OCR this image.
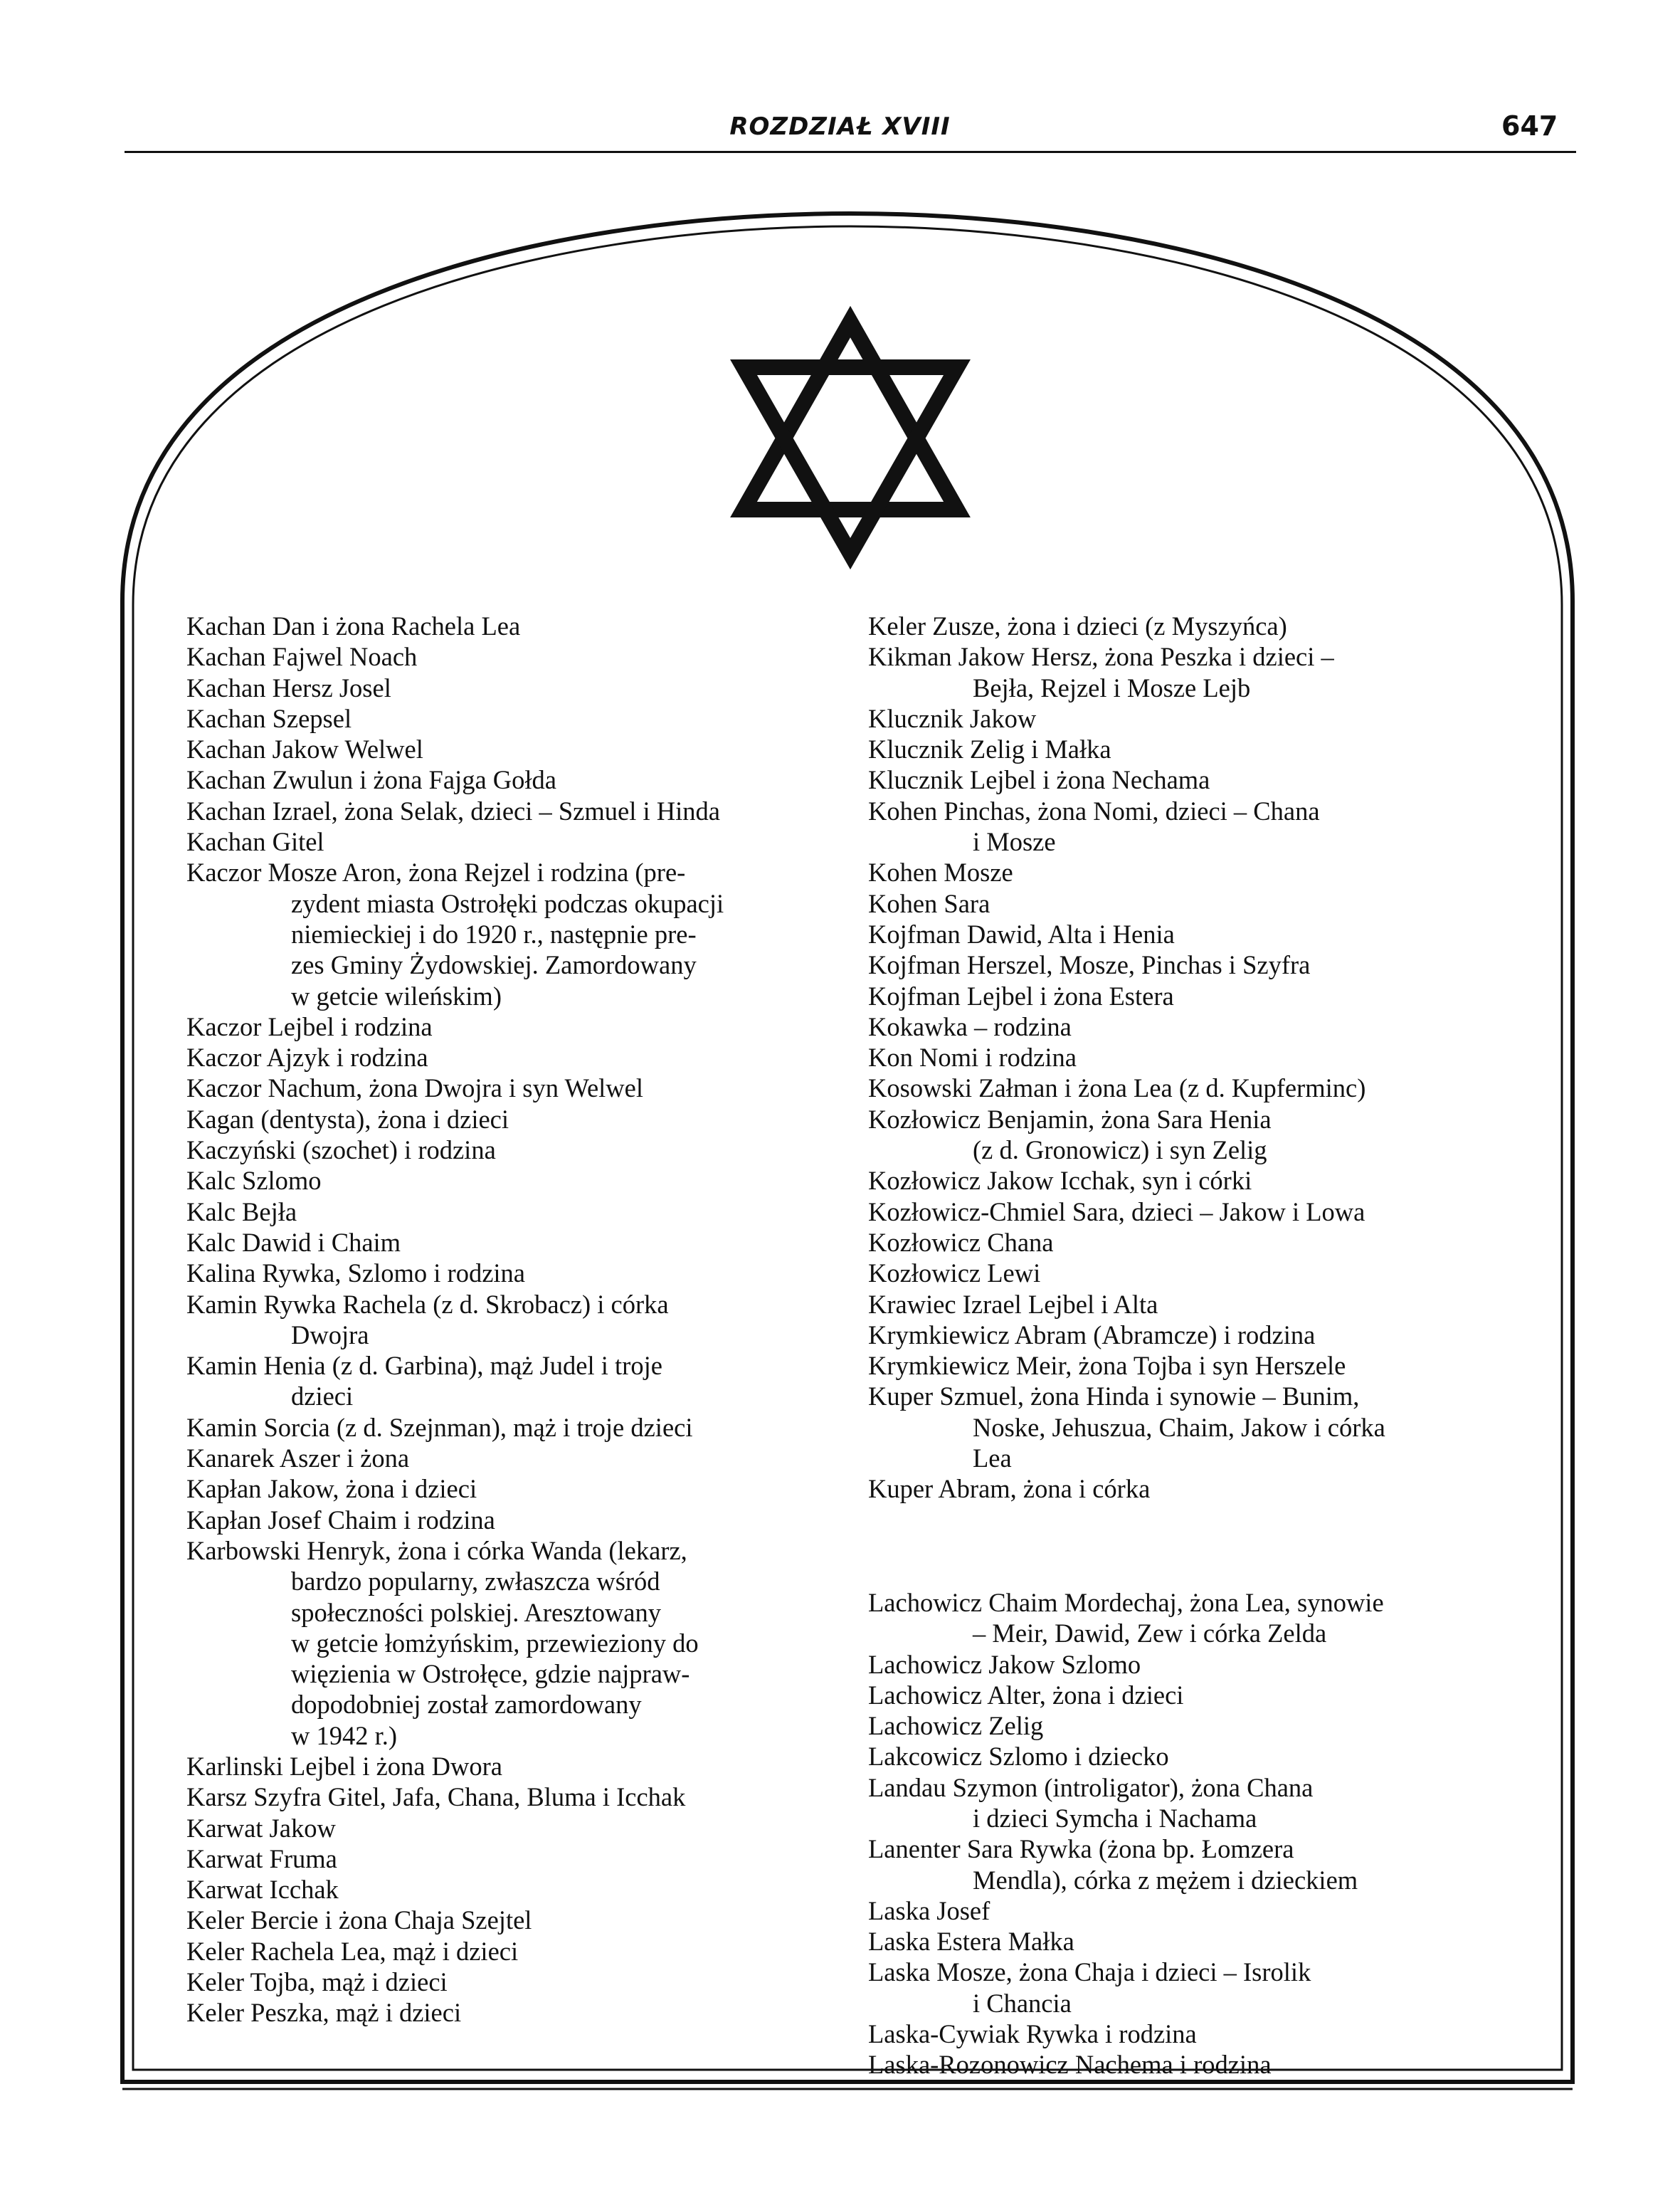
ROZDZIAŁ XVIII	647

Kachan Dan i żona Rachela Lea

Kachan Fajwel Noach

Kachan Hersz Josel

Kachan Szepsel

Kachan Jakow Welwel

Kachan Zwulun i żona Fajga Gołda

Kachan Izrael, żona Selak, dzieci – Szmuel i Hinda

Kachan Gitel

Kaczor Mosze Aron, żona Rejzel i rodzina (pre-
zydent miasta Ostrołęki podczas okupacji
niemieckiej i do 1920 r., następnie pre-
zes Gminy Żydowskiej. Zamordowany
w getcie wileńskim)

Kaczor Lejbel i rodzina

Kaczor Ajzyk i rodzina

Kaczor Nachum, żona Dwojra i syn Welwel

Kagan (dentysta), żona i dzieci

Kaczyński (szochet) i rodzina

Kalc Szlomo

Kalc Bejła

Kalc Dawid i Chaim

Kalina Rywka, Szlomo i rodzina

Kamin Rywka Rachela (z d. Skrobacz) i córka
Dwojra

Kamin Henia (z d. Garbina), mąż Judel i troje
dzieci

Kamin Sorcia (z d. Szejnman), mąż i troje dzieci

Kanarek Aszer i żona

Kapłan Jakow, żona i dzieci

Kapłan Josef Chaim i rodzina

Karbowski Henryk, żona i córka Wanda (lekarz,
bardzo popularny, zwłaszcza wśród
społeczności polskiej. Aresztowany
w getcie łomżyńskim, przewieziony do
więzienia w Ostrołęce, gdzie najpraw-
dopodobniej został zamordowany
w 1942 r.)

Karlinski Lejbel i żona Dwora

Karsz Szyfra Gitel, Jafa, Chana, Bluma i Icchak

Karwat Jakow

Karwat Fruma

Karwat Icchak

Keler Bercie i żona Chaja Szejtel

Keler Rachela Lea, mąż i dzieci

Keler Tojba, mąż i dzieci

Keler Peszka, mąż i dzieci

Keler Zusze, żona i dzieci (z Myszyńca)

Kikman Jakow Hersz, żona Peszka i dzieci –
Bejła, Rejzel i Mosze Lejb

Klucznik Jakow

Klucznik Zelig i Małka

Klucznik Lejbel i żona Nechama

Kohen Pinchas, żona Nomi, dzieci – Chana
i Mosze

Kohen Mosze

Kohen Sara

Kojfman Dawid, Alta i Henia

Kojfman Herszel, Mosze, Pinchas i Szyfra

Kojfman Lejbel i żona Estera

Kokawka – rodzina

Kon Nomi i rodzina

Kosowski Załman i żona Lea (z d. Kupferminc)

Kozłowicz Benjamin, żona Sara Henia
(z d. Gronowicz) i syn Zelig

Kozłowicz Jakow Icchak, syn i córki

Kozłowicz-Chmiel Sara, dzieci – Jakow i Lowa

Kozłowicz Chana

Kozłowicz Lewi

Krawiec Izrael Lejbel i Alta

Krymkiewicz Abram (Abramcze) i rodzina

Krymkiewicz Meir, żona Tojba i syn Herszele

Kuper Szmuel, żona Hinda i synowie – Bunim,
Noske, Jehuszua, Chaim, Jakow i córka
Lea

Kuper Abram, żona i córka

Lachowicz Chaim Mordechaj, żona Lea, synowie
– Meir, Dawid, Zew i córka Zelda

Lachowicz Jakow Szlomo

Lachowicz Alter, żona i dzieci

Lachowicz Zelig

Lakcowicz Szlomo i dziecko

Landau Szymon (introligator), żona Chana
i dzieci Symcha i Nachama

Lanenter Sara Rywka (żona bp. Łomzera
Mendla), córka z mężem i dzieckiem

Laska Josef

Laska Estera Małka

Laska Mosze, żona Chaja i dzieci – Isrolik
i Chancia

Laska-Cywiak Rywka i rodzina

Laska-Rozonowicz Nachema i rodzina
